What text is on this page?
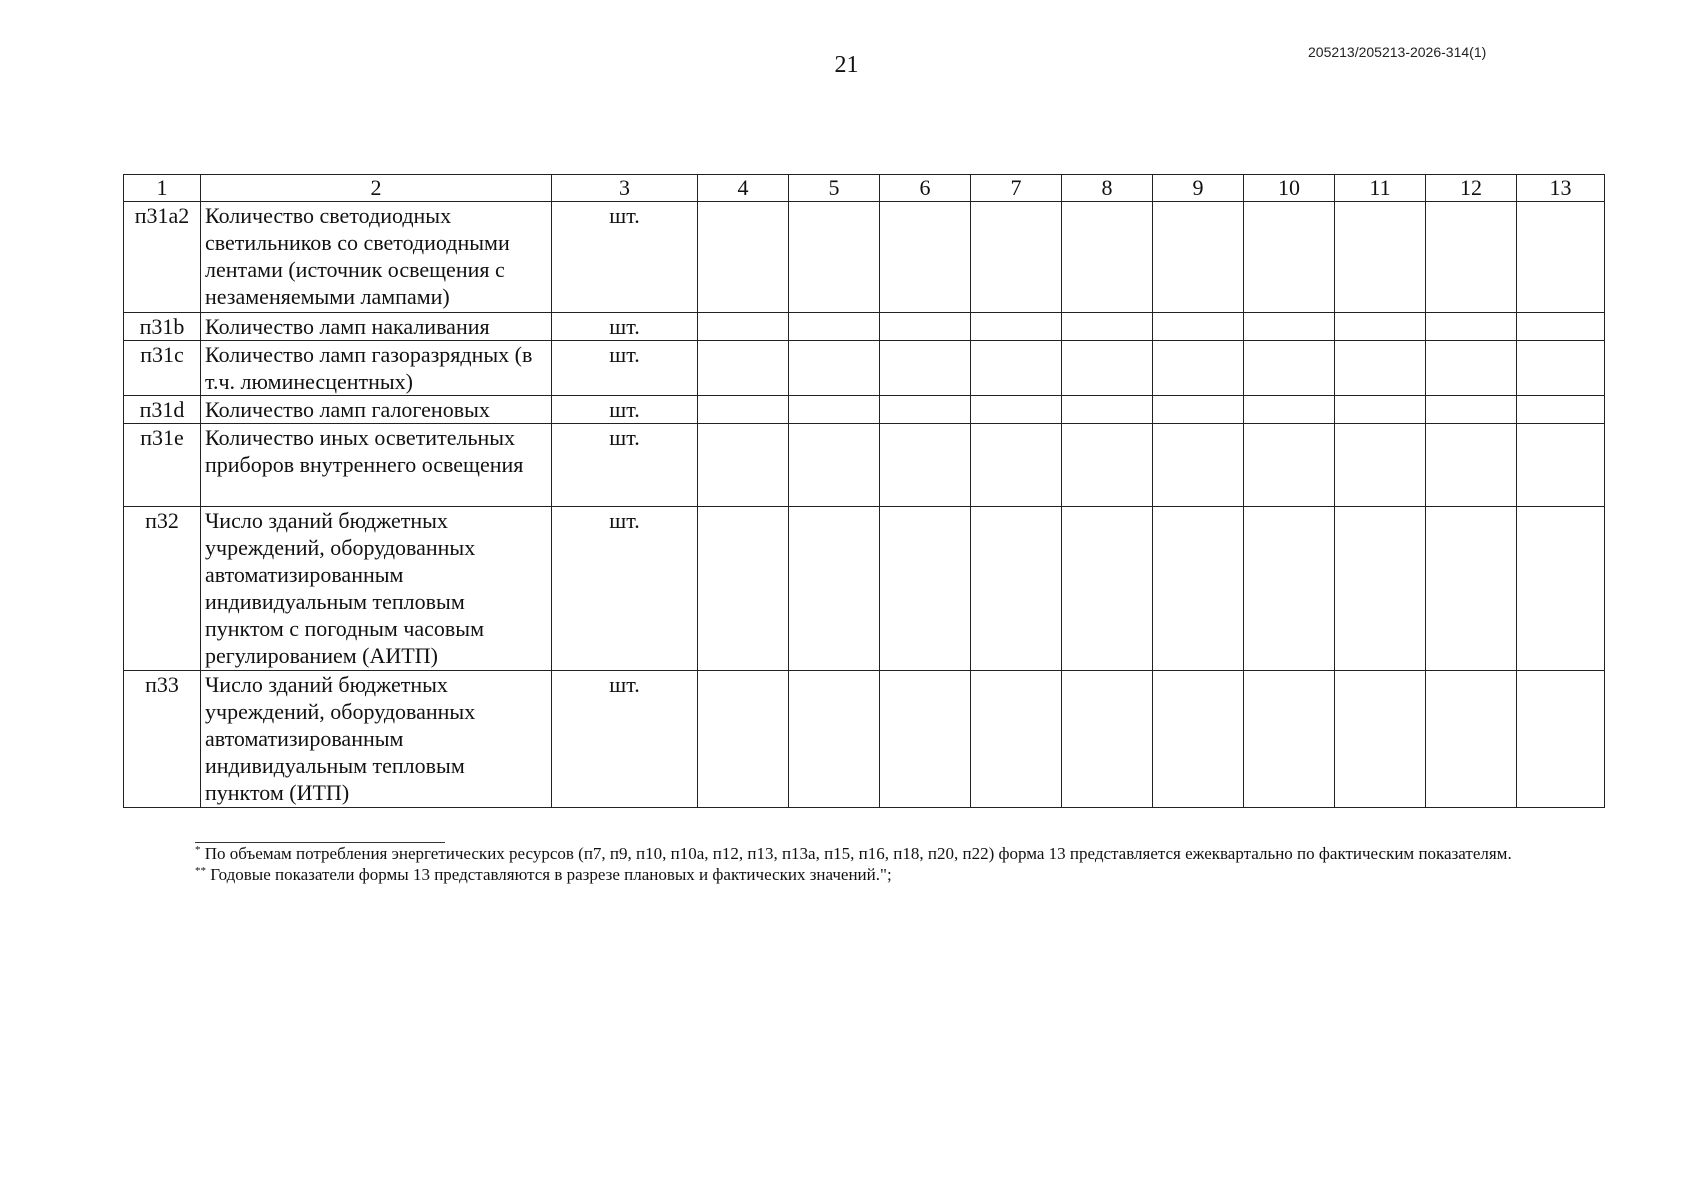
21	205213/205213-2026-314(1)
1	2	3	4	5	6	7	8	9	10	11	12	13
п31а2	Количество светодиодных светильников со светодиодными лентами (источник освещения с незаменяемыми лампами)	шт.										
п31b	Количество ламп накаливания	шт.										
п31с	Количество ламп газоразрядных (в т.ч. люминесцентных)	шт.										
п31d	Количество ламп галогеновых	шт.										
п31е	Количество иных осветительных приборов внутреннего освещения	шт.										
п32	Число зданий бюджетных учреждений, оборудованных автоматизированным индивидуальным тепловым пунктом с погодным часовым регулированием (АИТП)	шт.										
п33	Число зданий бюджетных учреждений, оборудованных автоматизированным индивидуальным тепловым пунктом (ИТП)	шт.										

* По объемам потребления энергетических ресурсов (п7, п9, п10, п10а, п12, п13, п13а, п15, п16, п18, п20, п22) форма 13 представляется ежеквартально по фактическим показателям.

** Годовые показатели формы 13 представляются в разрезе плановых и фактических значений.";
